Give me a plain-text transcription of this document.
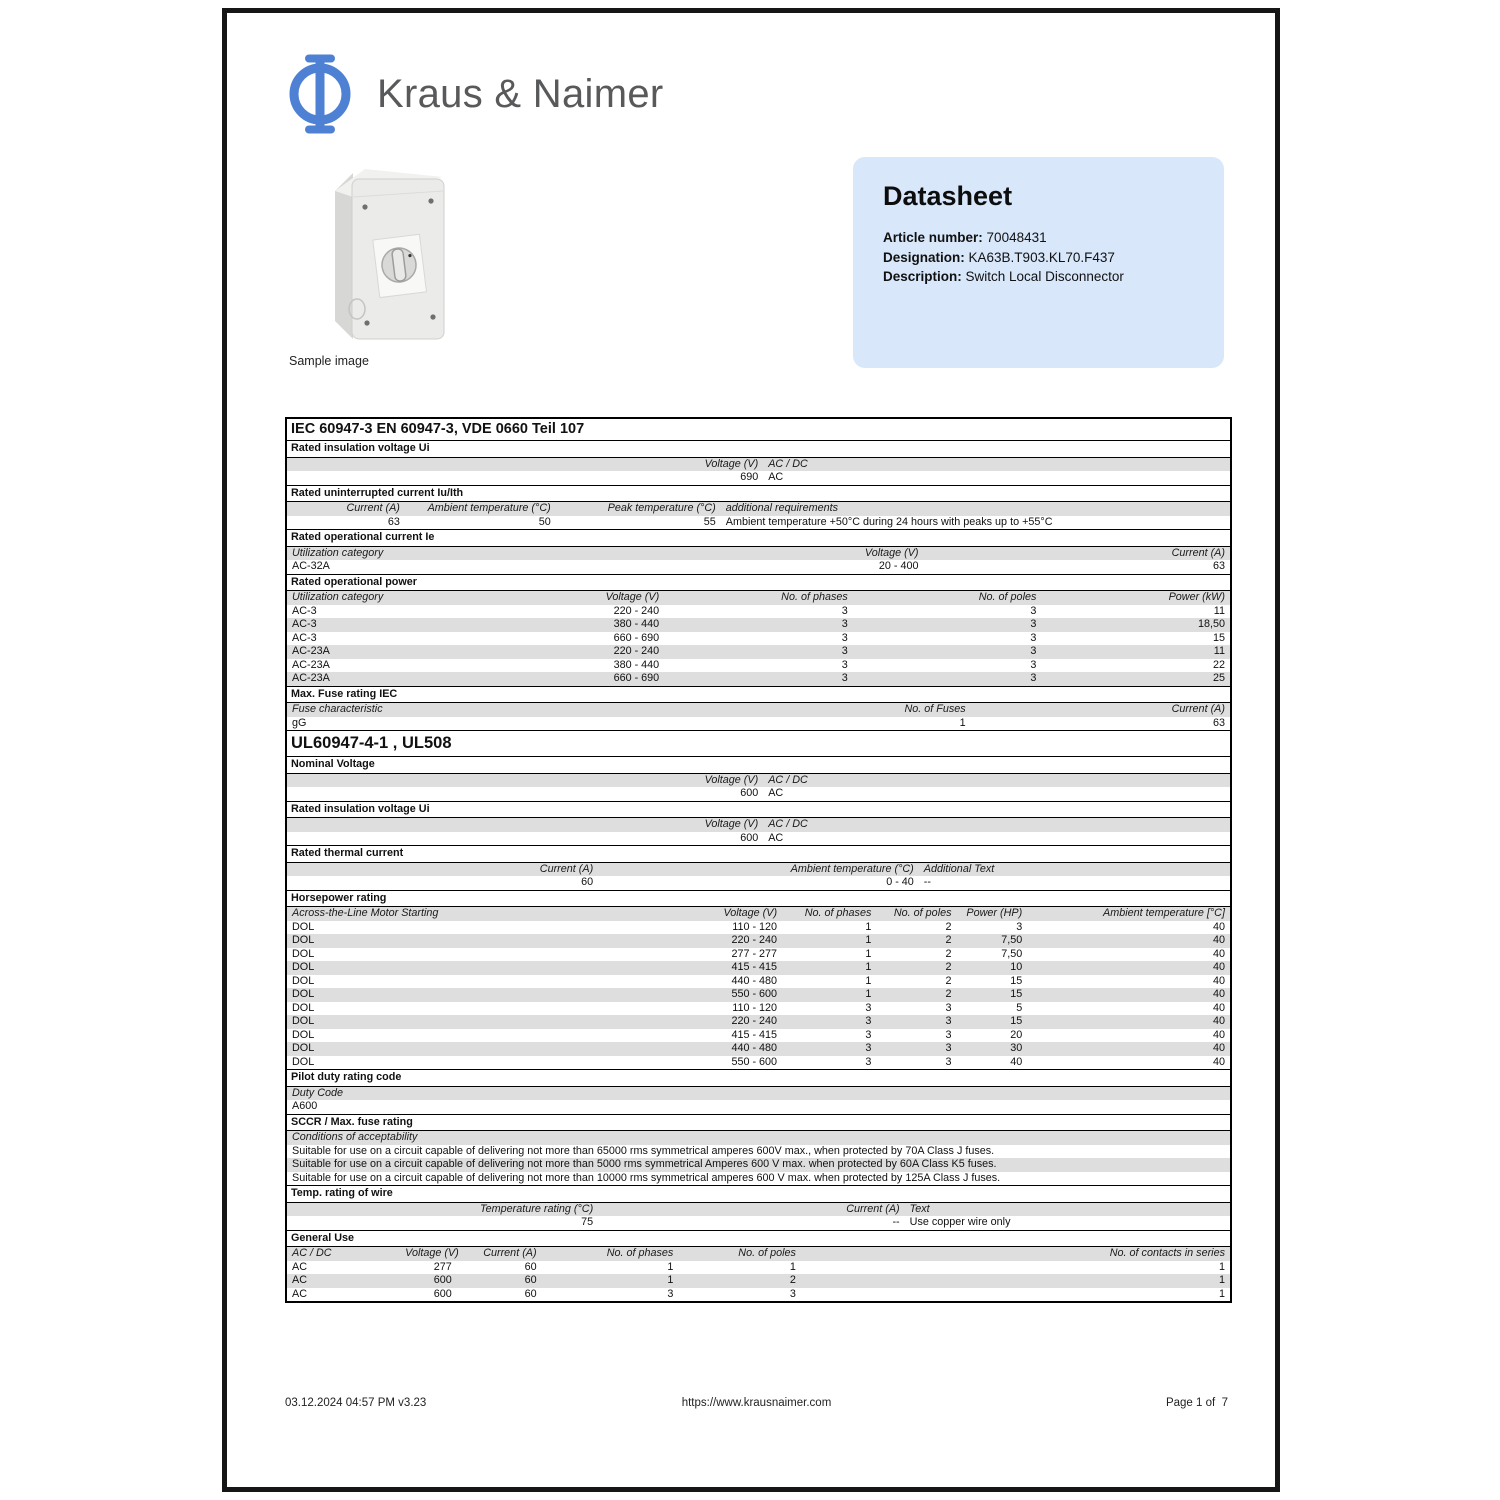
Kraus & Naimer
Sample image
Datasheet
Article number: 70048431
Designation: KA63B.T903.KL70.F437
Description: Switch Local Disconnector
IEC 60947-3 EN 60947-3, VDE 0660 Teil 107
Rated insulation voltage Ui
Voltage (V) AC / DC
690 AC
Rated uninterrupted current Iu/Ith
Current (A)	Ambient temperature (°C)	Peak temperature (°C) additional requirements
63	50	55 Ambient temperature +50°C during 24 hours with peaks up to +55°C
Rated operational current Ie
Utilization category	Voltage (V)	Current (A)
AC-32A	20 - 400	63
Rated operational power
Utilization category	Voltage (V)	No. of phases	No. of poles	Power (kW)
AC-3	220 - 240	3	3	11
AC-3	380 - 440	3	3	18,50
AC-3	660 - 690	3	3	15
AC-23A	220 - 240	3	3	11
AC-23A	380 - 440	3	3	22
AC-23A	660 - 690	3	3	25
Max. Fuse rating IEC
Fuse characteristic	No. of Fuses	Current (A)
gG	1	63
UL60947-4-1 , UL508
Nominal Voltage
Voltage (V) AC / DC
600 AC
Rated insulation voltage Ui
Voltage (V) AC / DC
600 AC
Rated thermal current
Current (A)	Ambient temperature (°C) Additional Text
60	0 - 40 --
Horsepower rating
Across-the-Line Motor Starting	Voltage (V)	No. of phases	No. of poles	Power (HP)	Ambient temperature [°C]
DOL	110 - 120	1	2	3	40
DOL	220 - 240	1	2	7,50	40
DOL	277 - 277	1	2	7,50	40
DOL	415 - 415	1	2	10	40
DOL	440 - 480	1	2	15	40
DOL	550 - 600	1	2	15	40
DOL	110 - 120	3	3	5	40
DOL	220 - 240	3	3	15	40
DOL	415 - 415	3	3	20	40
DOL	440 - 480	3	3	30	40
DOL	550 - 600	3	3	40	40
Pilot duty rating code
Duty Code
A600
SCCR / Max. fuse rating
Conditions of acceptability
Suitable for use on a circuit capable of delivering not more than 65000 rms symmetrical amperes 600V max., when protected by 70A Class J fuses.
Suitable for use on a circuit capable of delivering not more than 5000 rms symmetrical Amperes 600 V max. when protected by 60A Class K5 fuses.
Suitable for use on a circuit capable of delivering not more than 10000 rms symmetrical amperes 600 V max. when protected by 125A Class J fuses.
Temp. rating of wire
Temperature rating (°C)	Current (A) Text
75	-- Use copper wire only
General Use
AC / DC	Voltage (V)	Current (A)	No. of phases	No. of poles	No. of contacts in series
AC	277	60	1	1	1
AC	600	60	1	2	1
AC	600	60	3	3	1
03.12.2024 04:57 PM v3.23	https://www.krausnaimer.com	Page 1 of  7
